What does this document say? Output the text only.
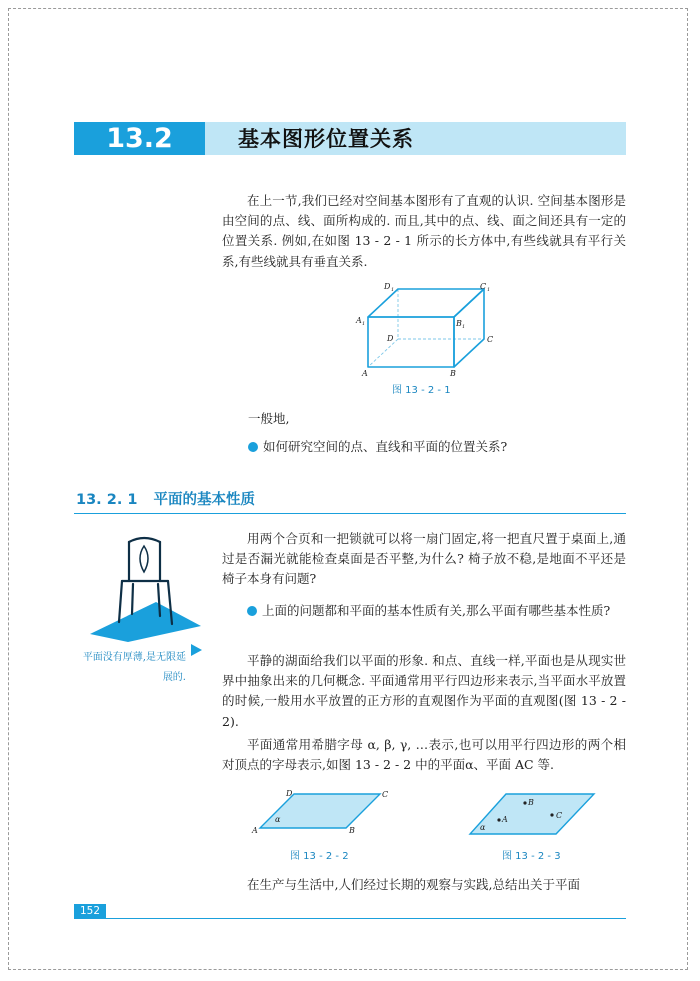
13.2	基本图形位置关系
在上一节,我们已经对空间基本图形有了直观的认识. 空间基本图形是由空间的点、线、面所构成的. 而且,其中的点、线、面之间还具有一定的位置关系. 例如,在如图 13 - 2 - 1 所示的长方体中,有些线就具有平行关系,有些线就具有垂直关系.
D 1	C 1
A 1	B 1
D	C
A	B
图 13 - 2 - 1
一般地,
如何研究空间的点、直线和平面的位置关系?
13. 2. 1 平面的基本性质
平面没有厚薄,是无限延展的.
用两个合页和一把锁就可以将一扇门固定,将一把直尺置于桌面上,通过是否漏光就能检查桌面是否平整,为什么? 椅子放不稳,是地面不平还是椅子本身有问题?
上面的问题都和平面的基本性质有关,那么平面有哪些基本性质?
平静的湖面给我们以平面的形象. 和点、直线一样,平面也是从现实世界中抽象出来的几何概念. 平面通常用平行四边形来表示,当平面水平放置的时候,一般用水平放置的正方形的直观图作为平面的直观图(图 13 - 2 - 2).
平面通常用希腊字母 α, β, γ, …表示,也可以用平行四边形的两个相对顶点的字母表示,如图 13 - 2 - 2 中的平面α、平面 AC 等.
D	C
A	B
α
图 13 - 2 - 2
B
A	C
α
图 13 - 2 - 3
在生产与生活中,人们经过长期的观察与实践,总结出关于平面
152
